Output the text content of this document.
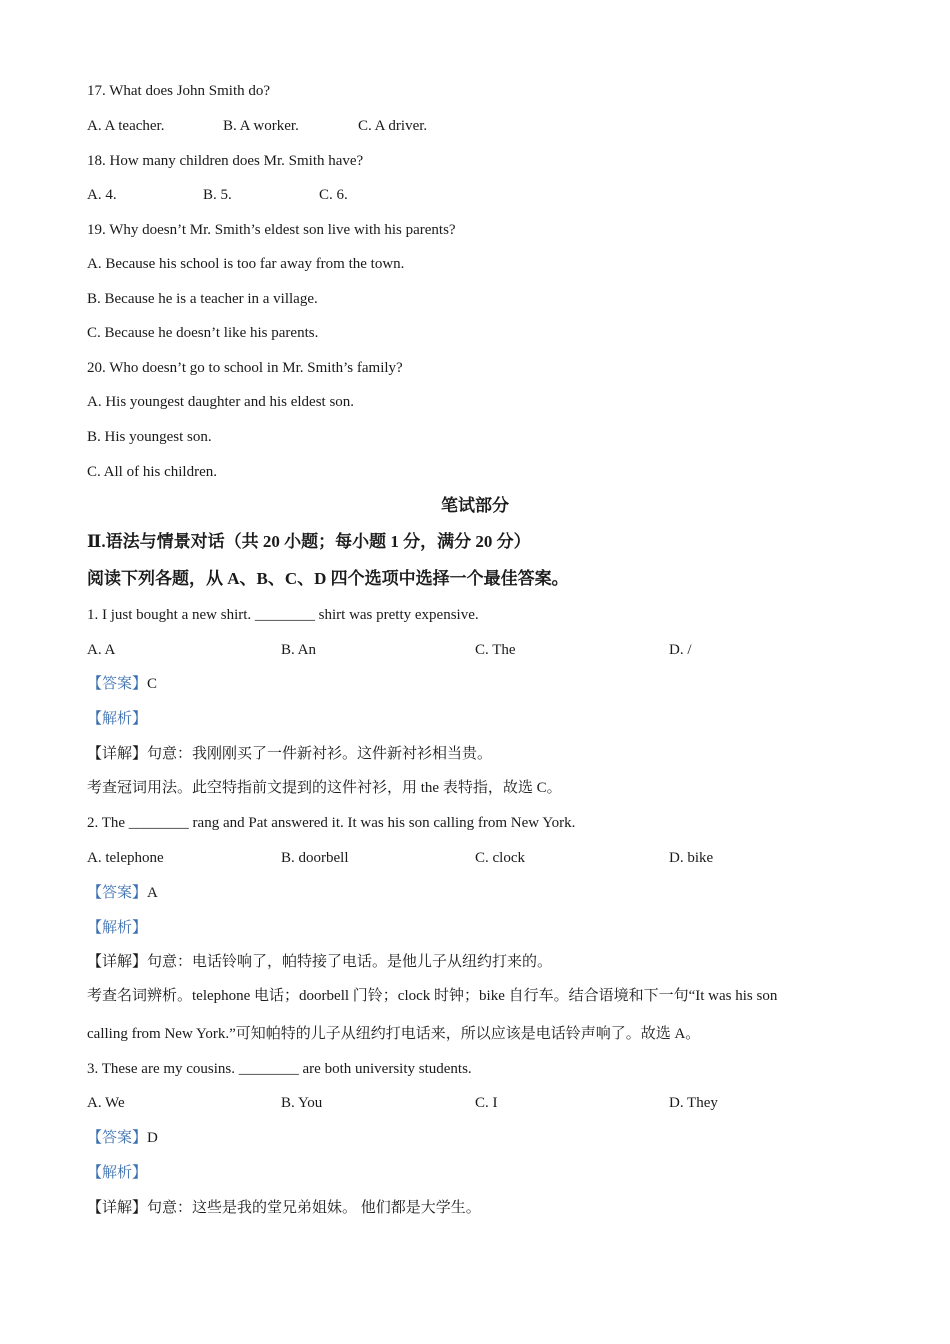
17. What does John Smith do?
A. A teacher.	B. A worker.	C. A driver.
18. How many children does Mr. Smith have?
A. 4.	B. 5.	C. 6.
19. Why doesn’t Mr. Smith’s eldest son live with his parents?
A. Because his school is too far away from the town.
B. Because he is a teacher in a village.
C. Because he doesn’t like his parents.
20. Who doesn’t go to school in Mr. Smith’s family?
A. His youngest daughter and his eldest son.
B. His youngest son.
C. All of his children.
笔试部分
Ⅱ.语法与情景对话（共 20 小题；每小题 1 分，满分 20 分）
阅读下列各题，从 A、B、C、D 四个选项中选择一个最佳答案。
1. I just bought a new shirt. ________ shirt was pretty expensive.
A. A	B. An	C. The	D. /
【答案】C
【解析】
【详解】句意：我刚刚买了一件新衬衫。这件新衬衫相当贵。
考查冠词用法。此空特指前文提到的这件衬衫，用 the 表特指，故选 C。
2. The ________ rang and Pat answered it. It was his son calling from New York.
A. telephone	B. doorbell	C. clock	D. bike
【答案】A
【解析】
【详解】句意：电话铃响了，帕特接了电话。是他儿子从纽约打来的。
考查名词辨析。telephone 电话；doorbell 门铃；clock 时钟；bike 自行车。结合语境和下一句“It was his son
calling from New York.”可知帕特的儿子从纽约打电话来，所以应该是电话铃声响了。故选 A。
3. These are my cousins. ________ are both university students.
A. We	B. You	C. I	D. They
【答案】D
【解析】
【详解】句意：这些是我的堂兄弟姐妹。 他们都是大学生。
